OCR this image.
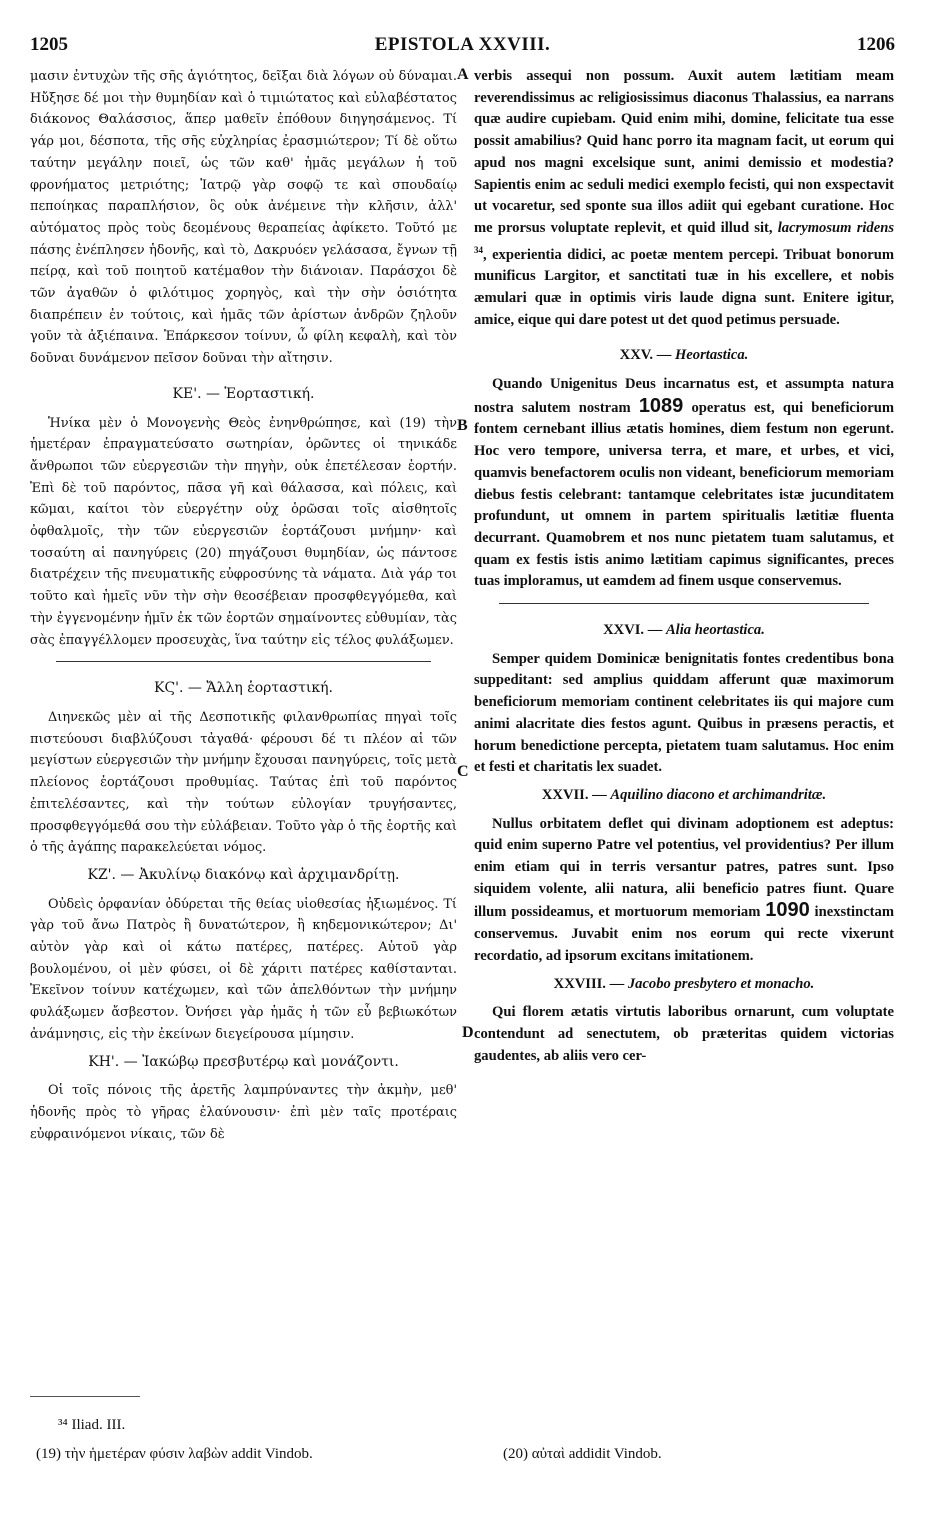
1205	EPISTOLA XXVIII.	1206
A
B
C
D

μασιν ἐντυχὼν τῆς σῆς ἁγιότητος, δεῖξαι διὰ λόγων οὐ δύναμαι. Ηὔξησε δέ μοι τὴν θυμηδίαν καὶ ὁ τιμιώτατος καὶ εὐλαβέστατος διάκονος Θαλάσσιος, ἅπερ μαθεῖν ἐπόθουν διηγησάμενος. Τί γάρ μοι, δέσποτα, τῆς σῆς εὐχληρίας ἐρασμιώτερον; Τί δὲ οὕτω ταύτην μεγάλην ποιεῖ, ὡς τῶν καθ' ἡμᾶς μεγάλων ἡ τοῦ φρονήματος μετριότης; Ἰατρῷ γὰρ σοφῷ τε καὶ σπουδαίῳ πεποίηκας παραπλήσιον, ὃς οὐκ ἀνέμεινε τὴν κλῆσιν, ἀλλ' αὐτόματος πρὸς τοὺς δεομένους θεραπείας ἀφίκετο. Τοῦτό με πάσης ἐνέπλησεν ἡδονῆς, καὶ τὸ, Δακρυόεν γελάσασα, ἔγνων τῇ πείρᾳ, καὶ τοῦ ποιητοῦ κατέμαθον τὴν διάνοιαν. Παράσχοι δὲ τῶν ἀγαθῶν ὁ φιλότιμος χορηγὸς, καὶ τὴν σὴν ὁσιότητα διαπρέπειν ἐν τούτοις, καὶ ἡμᾶς τῶν ἀρίστων ἀνδρῶν ζηλοῦν γοῦν τὰ ἀξιέπαινα. Ἐπάρκεσον τοίνυν, ὦ φίλη κεφαλὴ, καὶ τὸν δοῦναι δυνάμενον πεῖσον δοῦναι τὴν αἴτησιν.

ΚΕ'. — Ἑορταστική.

Ἡνίκα μὲν ὁ Μονογενὴς Θεὸς ἐνηνθρώπησε, καὶ (19) τὴν ἡμετέραν ἐπραγματεύσατο σωτηρίαν, ὁρῶντες οἱ τηνικάδε ἄνθρωποι τῶν εὐεργεσιῶν τὴν πηγὴν, οὐκ ἐπετέλεσαν ἑορτήν. Ἐπὶ δὲ τοῦ παρόντος, πᾶσα γῆ καὶ θάλασσα, καὶ πόλεις, καὶ κῶμαι, καίτοι τὸν εὐεργέτην οὐχ ὁρῶσαι τοῖς αἰσθητοῖς ὀφθαλμοῖς, τὴν τῶν εὐεργεσιῶν ἑορτάζουσι μνήμην· καὶ τοσαύτη αἱ πανηγύρεις (20) πηγάζουσι θυμηδίαν, ὡς πάντοσε διατρέχειν τῆς πνευματικῆς εὐφροσύνης τὰ νάματα. Διὰ γάρ τοι τοῦτο καὶ ἡμεῖς νῦν τὴν σὴν θεοσέβειαν προσφθεγγόμεθα, καὶ τὴν ἐγγενομένην ἡμῖν ἐκ τῶν ἑορτῶν σημαίνοντες εὐθυμίαν, τὰς σὰς ἐπαγγέλλομεν προσευχὰς, ἵνα ταύτην εἰς τέλος φυλάξωμεν.

ΚϚ'. — Ἄλλη ἑορταστική.

Διηνεκῶς μὲν αἱ τῆς Δεσποτικῆς φιλανθρωπίας πηγαὶ τοῖς πιστεύουσι διαβλύζουσι τἀγαθά· φέρουσι δέ τι πλέον αἱ τῶν μεγίστων εὐεργεσιῶν τὴν μνήμην ἔχουσαι πανηγύρεις, τοῖς μετὰ πλείονος ἑορτάζουσι προθυμίας. Ταύτας ἐπὶ τοῦ παρόντος ἐπιτελέσαντες, καὶ τὴν τούτων εὐλογίαν τρυγήσαντες, προσφθεγγόμεθά σου τὴν εὐλάβειαν. Τοῦτο γὰρ ὁ τῆς ἑορτῆς καὶ ὁ τῆς ἀγάπης παρακελεύεται νόμος.

ΚΖ'. — Ἀκυλίνῳ διακόνῳ καὶ ἀρχιμανδρίτῃ.

Οὐδεὶς ὀρφανίαν ὀδύρεται τῆς θείας υἱοθεσίας ἠξιωμένος. Τί γὰρ τοῦ ἄνω Πατρὸς ἢ δυνατώτερον, ἢ κηδεμονικώτερον; Δι' αὐτὸν γὰρ καὶ οἱ κάτω πατέρες, πατέρες. Αὐτοῦ γὰρ βουλομένου, οἱ μὲν φύσει, οἱ δὲ χάριτι πατέρες καθίστανται. Ἐκεῖνον τοίνυν κατέχωμεν, καὶ τῶν ἀπελθόντων τὴν μνήμην φυλάξωμεν ἄσβεστον. Ὀνήσει γὰρ ἡμᾶς ἡ τῶν εὖ βεβιωκότων ἀνάμνησις, εἰς τὴν ἐκείνων διεγείρουσα μίμησιν.

ΚΗ'. — Ἰακώβῳ πρεσβυτέρῳ καὶ μονάζοντι.

Οἱ τοῖς πόνοις τῆς ἀρετῆς λαμπρύναντες τὴν ἀκμὴν, μεθ' ἡδονῆς πρὸς τὸ γῆρας ἐλαύνουσιν· ἐπὶ μὲν ταῖς προτέραις εὐφραινόμενοι νίκαις, τῶν δὲ

verbis assequi non possum. Auxit autem lætitiam meam reverendissimus ac religiosissimus diaconus Thalassius, ea narrans quæ audire cupiebam. Quid enim mihi, domine, felicitate tua esse possit amabilius? Quid hanc porro ita magnam facit, ut eorum qui apud nos magni excelsique sunt, animi demissio et modestia? Sapientis enim ac seduli medici exemplo fecisti, qui non exspectavit ut vocaretur, sed sponte sua illos adiit qui egebant curatione. Hoc me prorsus voluptate replevit, et quid illud sit, lacrymosum ridens $^{34}$, experientia didici, ac poetæ mentem percepi. Tribuat bonorum munificus Largitor, et sanctitati tuæ in his excellere, et nobis æmulari quæ in optimis viris laude digna sunt. Enitere igitur, amice, eique qui dare potest ut det quod petimus persuade.

XXV. — Heortastica.

Quando Unigenitus Deus incarnatus est, et assumpta natura nostra salutem nostram 1089 operatus est, qui beneficiorum fontem cernebant illius ætatis homines, diem festum non egerunt. Hoc vero tempore, universa terra, et mare, et urbes, et vici, quamvis benefactorem oculis non videant, beneficiorum memoriam diebus festis celebrant: tantamque celebritates istæ jucunditatem profundunt, ut omnem in partem spiritualis lætitiæ fluenta decurrant. Quamobrem et nos nunc pietatem tuam salutamus, et quam ex festis istis animo lætitiam capimus significantes, preces tuas imploramus, ut eamdem ad finem usque conservemus.

XXVI. — Alia heortastica.

Semper quidem Dominicæ benignitatis fontes credentibus bona suppeditant: sed amplius quiddam afferunt quæ maximorum beneficiorum memoriam continent celebritates iis qui majore cum animi alacritate dies festos agunt. Quibus in præsens peractis, et horum benedictione percepta, pietatem tuam salutamus. Hoc enim et festi et charitatis lex suadet.

XXVII. — Aquilino diacono et archimandritæ.

Nullus orbitatem deflet qui divinam adoptionem est adeptus: quid enim superno Patre vel potentius, vel providentius? Per illum enim etiam qui in terris versantur patres, patres sunt. Ipso siquidem volente, alii natura, alii beneficio patres fiunt. Quare illum possideamus, et mortuorum memoriam 1090 inexstinctam conservemus. Juvabit enim nos eorum qui recte vixerunt recordatio, ad ipsorum excitans imitationem.

XXVIII. — Jacobo presbytero et monacho.

Qui florem ætatis virtutis laboribus ornarunt, cum voluptate contendunt ad senectutem, ob præteritas quidem victorias gaudentes, ab aliis vero cer-

³⁴ Iliad. III.
(19) τὴν ἡμετέραν φύσιν λαβὼν addit Vindob.	(20) αὐταὶ addidit Vindob.
